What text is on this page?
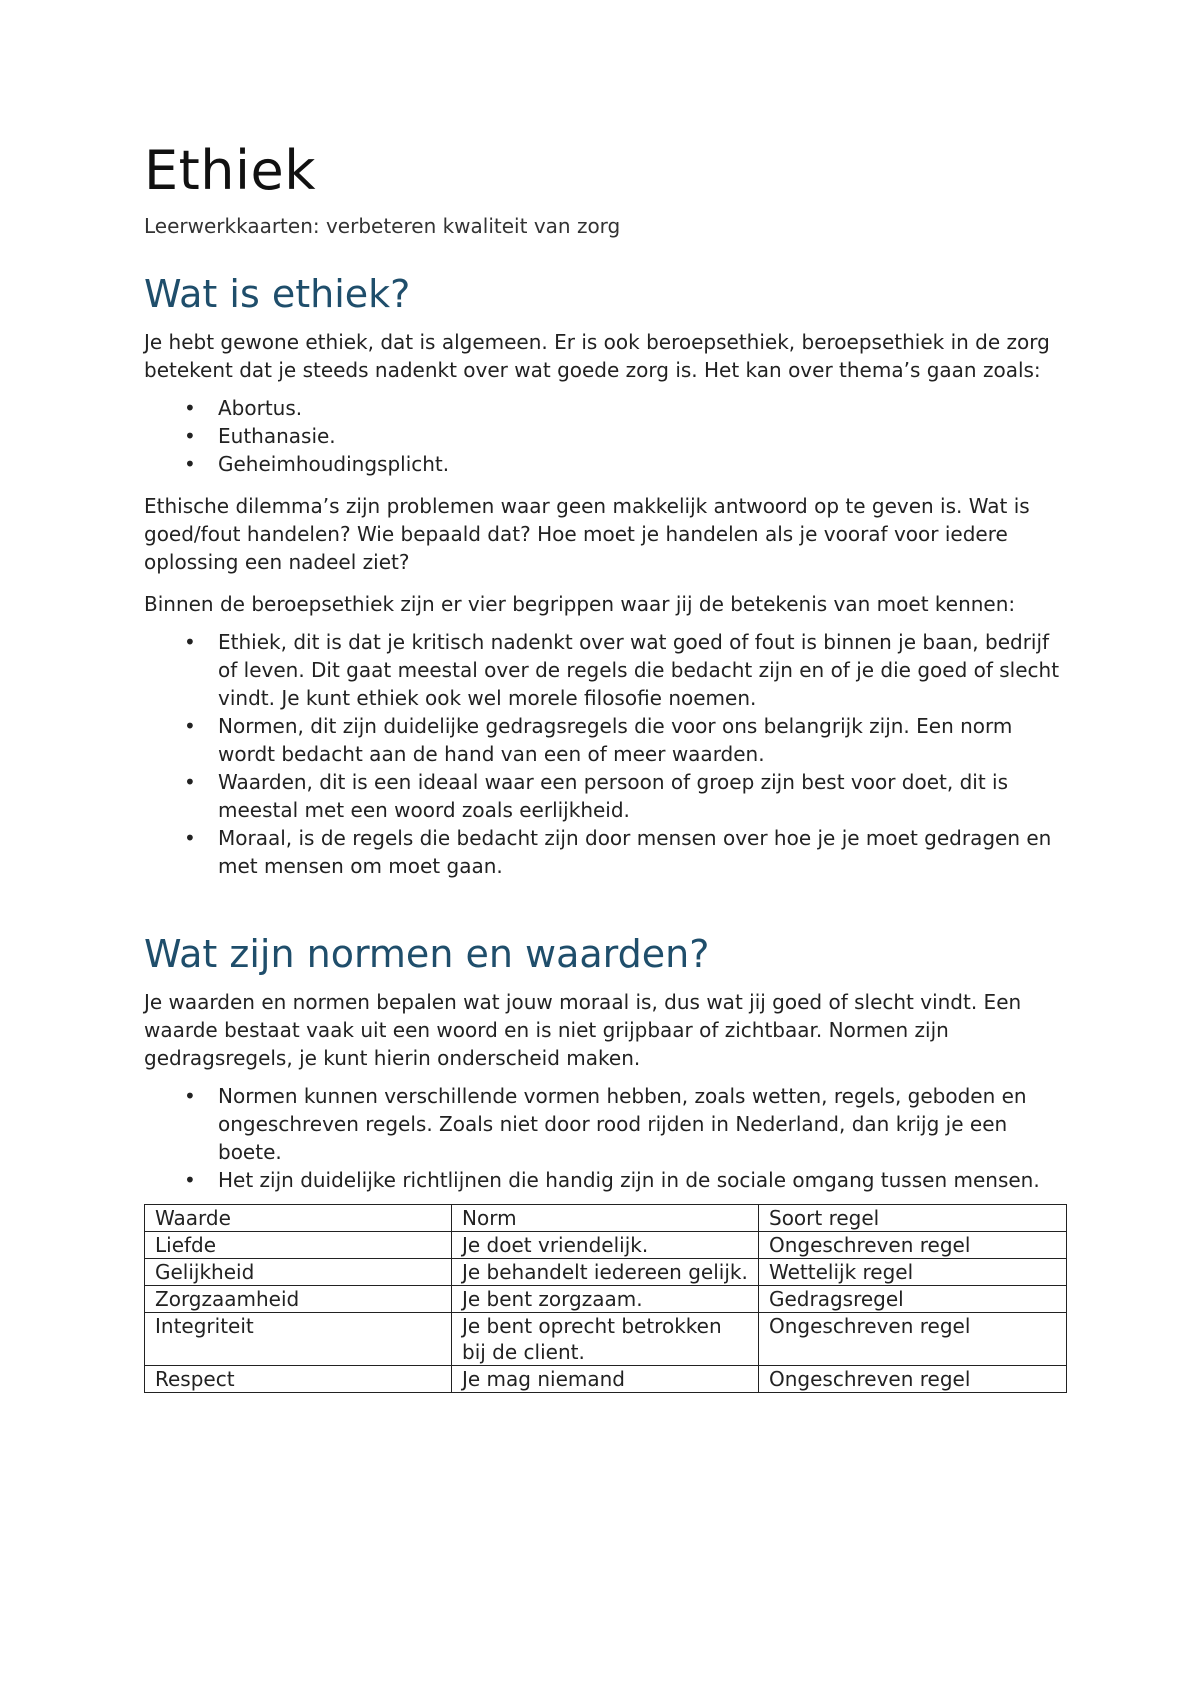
Ethiek

Leerwerkkaarten: verbeteren kwaliteit van zorg

Wat is ethiek?

Je hebt gewone ethiek, dat is algemeen. Er is ook beroepsethiek, beroepsethiek in de zorg betekent dat je steeds nadenkt over wat goede zorg is. Het kan over thema’s gaan zoals:

• Abortus.
• Euthanasie.
• Geheimhoudingsplicht.

Ethische dilemma’s zijn problemen waar geen makkelijk antwoord op te geven is. Wat is goed/fout handelen? Wie bepaald dat? Hoe moet je handelen als je vooraf voor iedere oplossing een nadeel ziet?

Binnen de beroepsethiek zijn er vier begrippen waar jij de betekenis van moet kennen:

• Ethiek, dit is dat je kritisch nadenkt over wat goed of fout is binnen je baan, bedrijf of leven. Dit gaat meestal over de regels die bedacht zijn en of je die goed of slecht vindt. Je kunt ethiek ook wel morele filosofie noemen.
• Normen, dit zijn duidelijke gedragsregels die voor ons belangrijk zijn. Een norm wordt bedacht aan de hand van een of meer waarden.
• Waarden, dit is een ideaal waar een persoon of groep zijn best voor doet, dit is meestal met een woord zoals eerlijkheid.
• Moraal, is de regels die bedacht zijn door mensen over hoe je je moet gedragen en met mensen om moet gaan.
Wat zijn normen en waarden?

Je waarden en normen bepalen wat jouw moraal is, dus wat jij goed of slecht vindt. Een waarde bestaat vaak uit een woord en is niet grijpbaar of zichtbaar. Normen zijn gedragsregels, je kunt hierin onderscheid maken.

• Normen kunnen verschillende vormen hebben, zoals wetten, regels, geboden en ongeschreven regels. Zoals niet door rood rijden in Nederland, dan krijg je een boete.
• Het zijn duidelijke richtlijnen die handig zijn in de sociale omgang tussen mensen.
Waarde	Norm	Soort regel
Liefde	Je doet vriendelijk.	Ongeschreven regel
Gelijkheid	Je behandelt iedereen gelijk.	Wettelijk regel
Zorgzaamheid	Je bent zorgzaam.	Gedragsregel
Integriteit	Je bent oprecht betrokken bij de client.	Ongeschreven regel
Respect	Je mag niemand	Ongeschreven regel
